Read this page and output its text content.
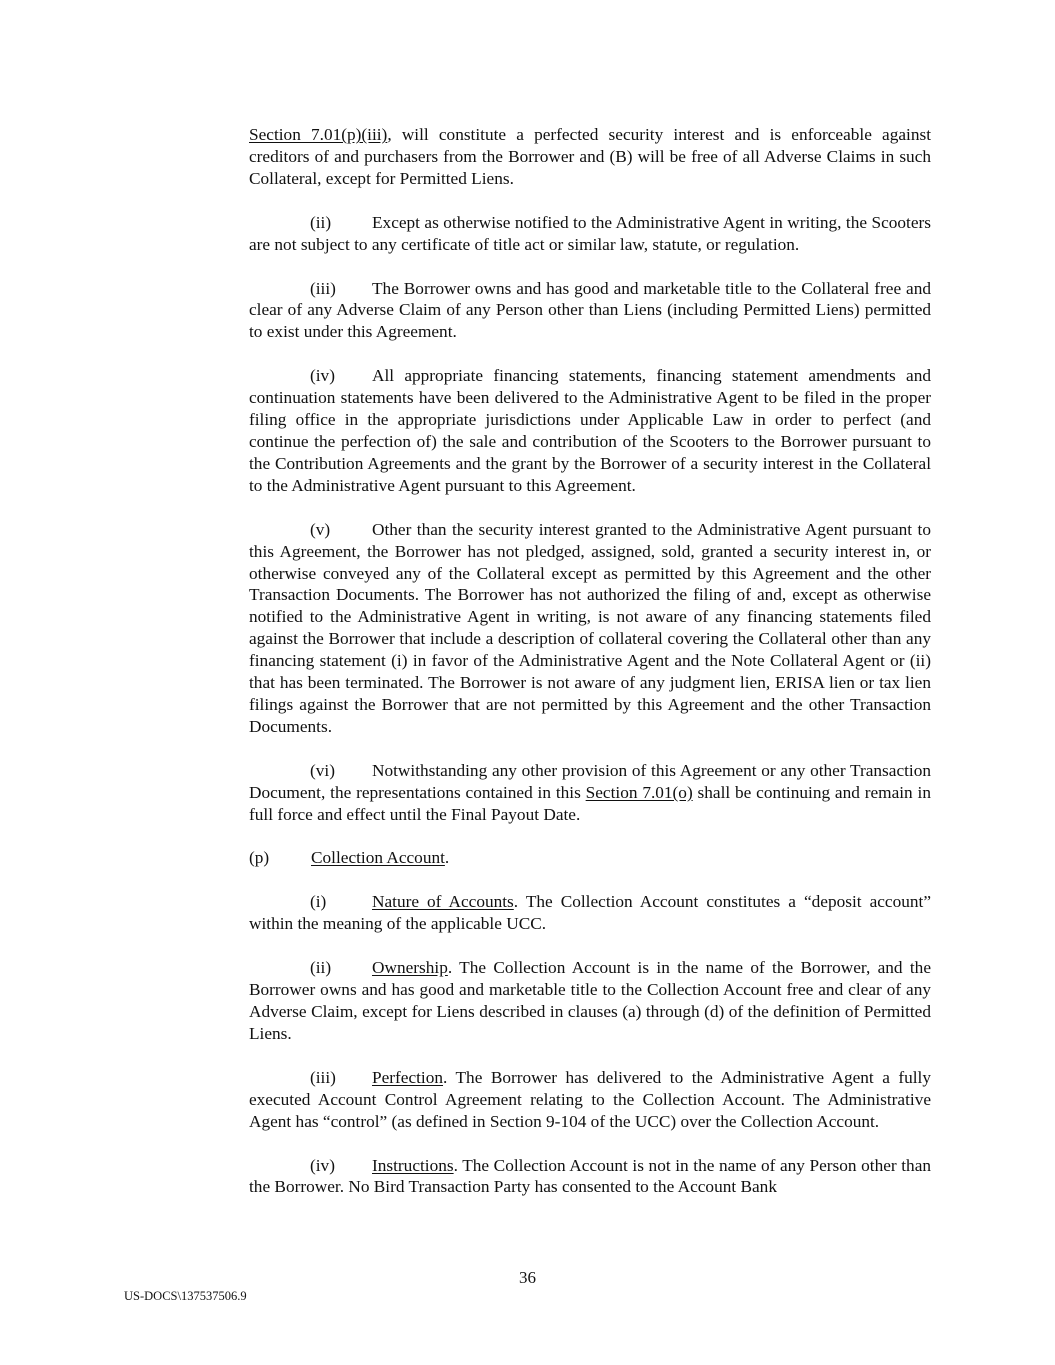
Section 7.01(p)(iii), will constitute a perfected security interest and is enforceable against creditors of and purchasers from the Borrower and (B) will be free of all Adverse Claims in such Collateral, except for Permitted Liens.

(ii) Except as otherwise notified to the Administrative Agent in writing, the Scooters are not subject to any certificate of title act or similar law, statute, or regulation.

(iii) The Borrower owns and has good and marketable title to the Collateral free and clear of any Adverse Claim of any Person other than Liens (including Permitted Liens) permitted to exist under this Agreement.

(iv) All appropriate financing statements, financing statement amendments and continuation statements have been delivered to the Administrative Agent to be filed in the proper filing office in the appropriate jurisdictions under Applicable Law in order to perfect (and continue the perfection of) the sale and contribution of the Scooters to the Borrower pursuant to the Contribution Agreements and the grant by the Borrower of a security interest in the Collateral to the Administrative Agent pursuant to this Agreement.

(v) Other than the security interest granted to the Administrative Agent pursuant to this Agreement, the Borrower has not pledged, assigned, sold, granted a security interest in, or otherwise conveyed any of the Collateral except as permitted by this Agreement and the other Transaction Documents. The Borrower has not authorized the filing of and, except as otherwise notified to the Administrative Agent in writing, is not aware of any financing statements filed against the Borrower that include a description of collateral covering the Collateral other than any financing statement (i) in favor of the Administrative Agent and the Note Collateral Agent or (ii) that has been terminated. The Borrower is not aware of any judgment lien, ERISA lien or tax lien filings against the Borrower that are not permitted by this Agreement and the other Transaction Documents.

(vi) Notwithstanding any other provision of this Agreement or any other Transaction Document, the representations contained in this Section 7.01(o) shall be continuing and remain in full force and effect until the Final Payout Date.

(p) Collection Account.

(i)	Nature of Accounts. The Collection Account constitutes a “deposit account” within the meaning of the applicable UCC.

(ii) Ownership. The Collection Account is in the name of the Borrower, and the Borrower owns and has good and marketable title to the Collection Account free and clear of any Adverse Claim, except for Liens described in clauses (a) through (d) of the definition of Permitted Liens.

(iii) Perfection. The Borrower has delivered to the Administrative Agent a fully executed Account Control Agreement relating to the Collection Account. The Administrative Agent has “control” (as defined in Section 9-104 of the UCC) over the Collection Account.

(iv) Instructions. The Collection Account is not in the name of any Person other than the Borrower. No Bird Transaction Party has consented to the Account Bank

36
US-DOCS\137537506.9
